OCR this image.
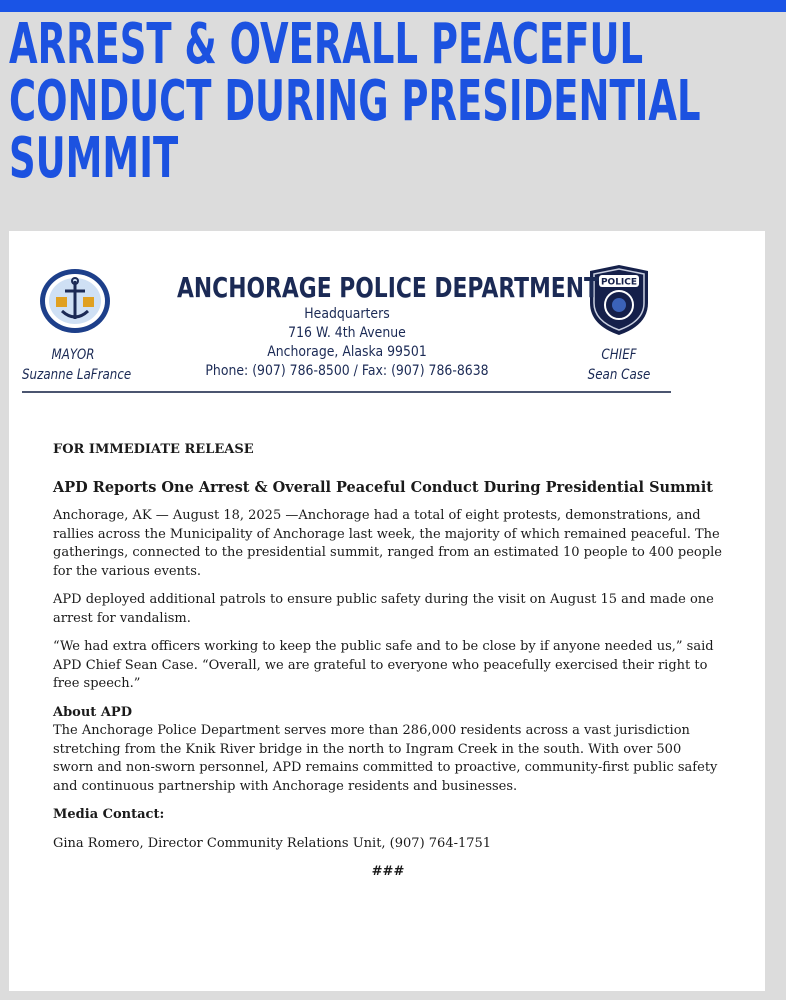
ARREST & OVERALL PEACEFUL
CONDUCT DURING PRESIDENTIAL
SUMMIT
POLICE
ANCHORAGE POLICE DEPARTMENT
Headquarters
716 W. 4th Avenue
Anchorage, Alaska 99501
Phone: (907) 786-8500 / Fax: (907) 786-8638
MAYOR
Suzanne LaFrance
CHIEF
Sean Case

FOR IMMEDIATE RELEASE

APD Reports One Arrest & Overall Peaceful Conduct During Presidential Summit

Anchorage, AK — August 18, 2025 —Anchorage had a total of eight protests, demonstrations, and rallies across the Municipality of Anchorage last week, the majority of which remained peaceful. The gatherings, connected to the presidential summit, ranged from an estimated 10 people to 400 people for the various events.

APD deployed additional patrols to ensure public safety during the visit on August 15 and made one arrest for vandalism.

“We had extra officers working to keep the public safe and to be close by if anyone needed us,” said APD Chief Sean Case. “Overall, we are grateful to everyone who peacefully exercised their right to free speech.”

About APD

The Anchorage Police Department serves more than 286,000 residents across a vast jurisdiction stretching from the Knik River bridge in the north to Ingram Creek in the south. With over 500 sworn and non-sworn personnel, APD remains committed to proactive, community-first public safety and continuous partnership with Anchorage residents and businesses.

Media Contact:

Gina Romero, Director Community Relations Unit, (907) 764-1751

###
